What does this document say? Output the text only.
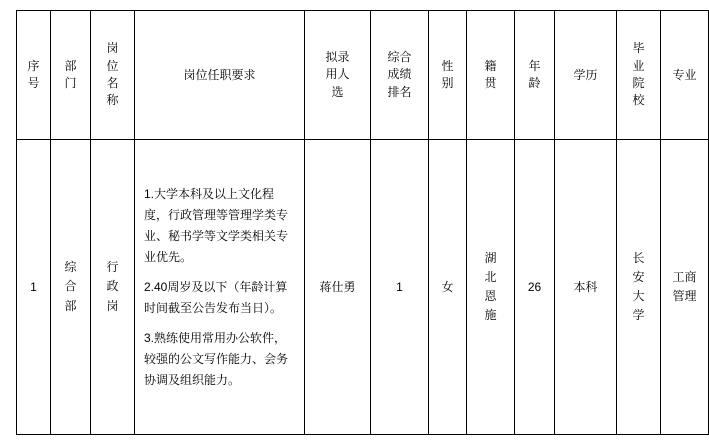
序号	部门	岗位名称	岗位任职要求	拟录用人选	综合成绩排名	性别	籍贯	年龄	学历	毕业院校	专业

1	综合部	行政岗	1.大学本科及以上文化程度，行政管理等管理学类专业、秘书学等文学类相关专业优先。

2.40周岁及以下（年龄计算时间截至公告发布当日）。

3.熟练使用常用办公软件，较强的公文写作能力、会务协调及组织能力。	蒋仕勇	1	女	湖北恩施	26	本科	长安大学	工商管理
